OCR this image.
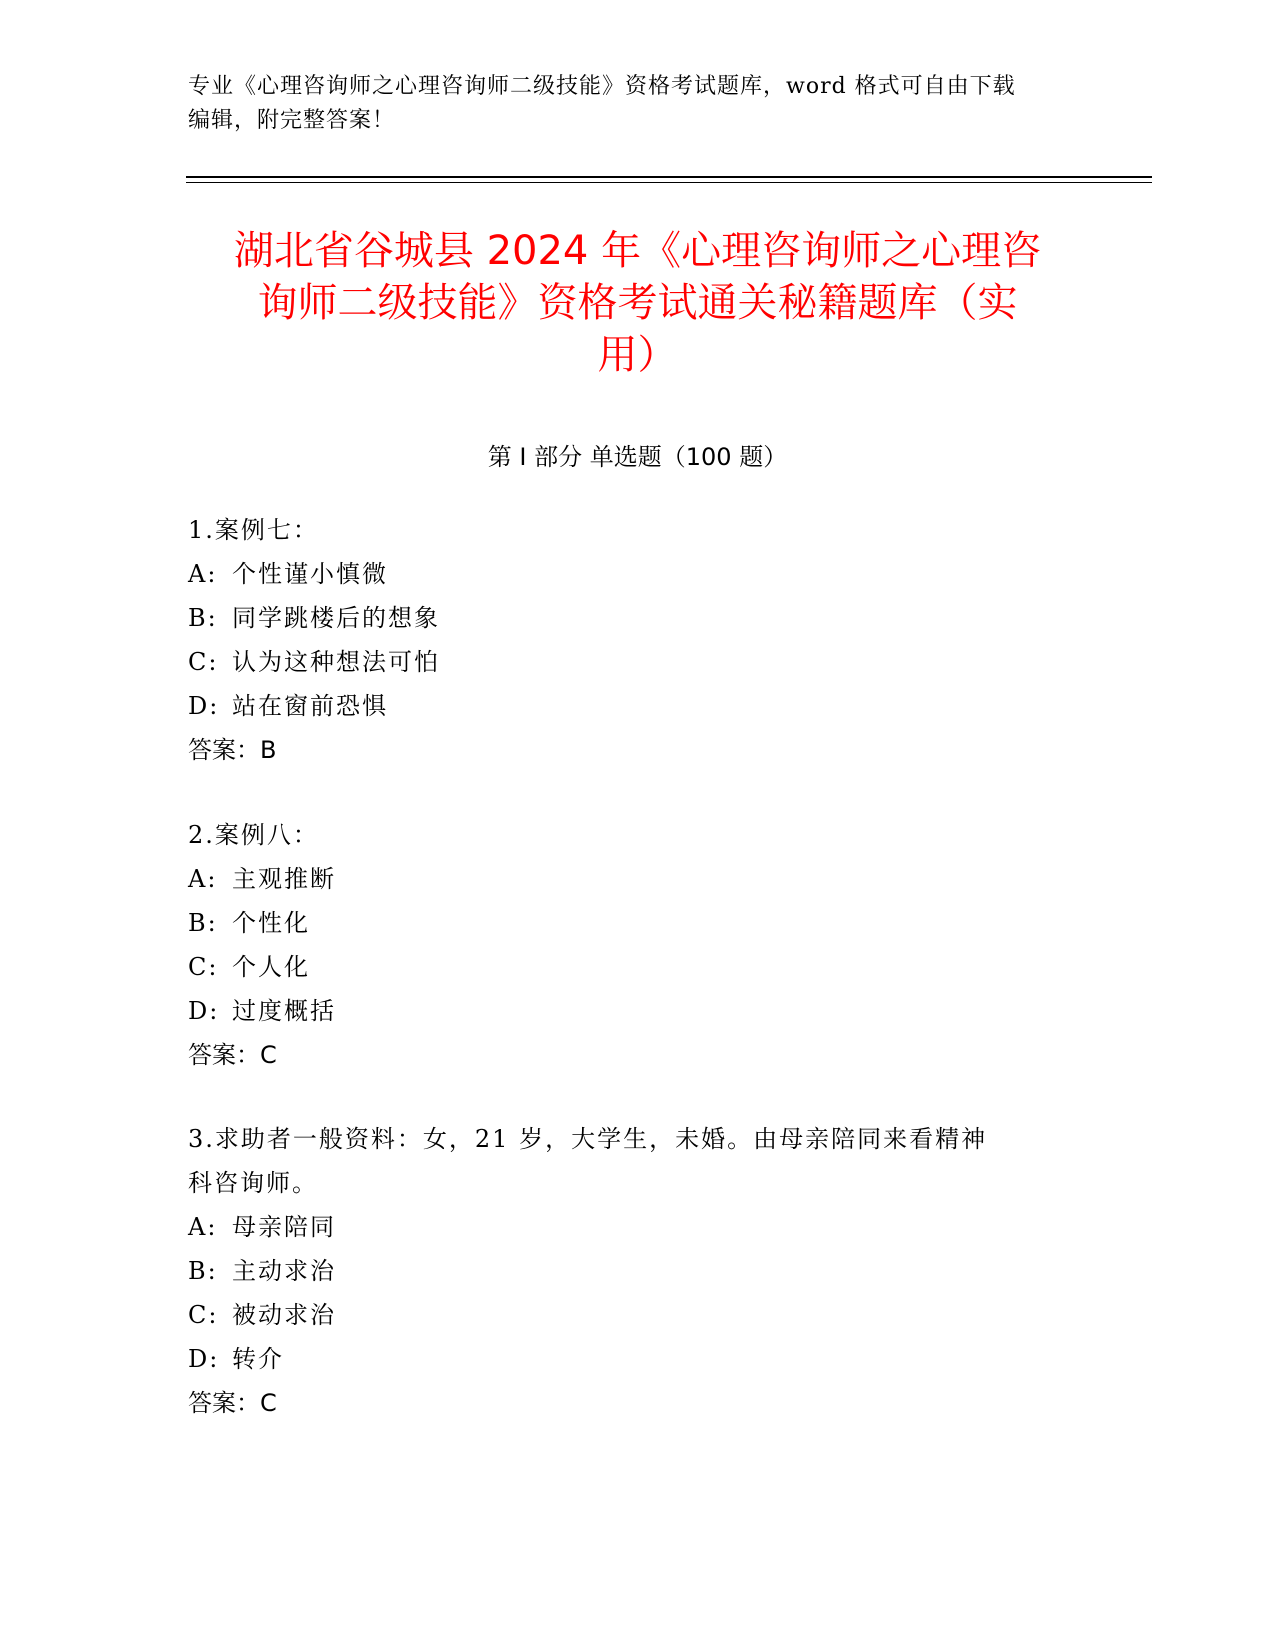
专业《心理咨询师之心理咨询师二级技能》资格考试题库，word 格式可自由下载
编辑，附完整答案！
湖北省谷城县 2024 年《心理咨询师之心理咨
询师二级技能》资格考试通关秘籍题库（实
用）
第 I 部分 单选题（100 题）
1.案例七：
A: 个性谨小慎微
B: 同学跳楼后的想象
C: 认为这种想法可怕
D: 站在窗前恐惧
答案：B
2.案例八：
A: 主观推断
B: 个性化
C: 个人化
D: 过度概括
答案：C
3.求助者一般资料：女，21 岁，大学生，未婚。由母亲陪同来看精神
科咨询师。
A: 母亲陪同
B: 主动求治
C: 被动求治
D: 转介
答案：C
